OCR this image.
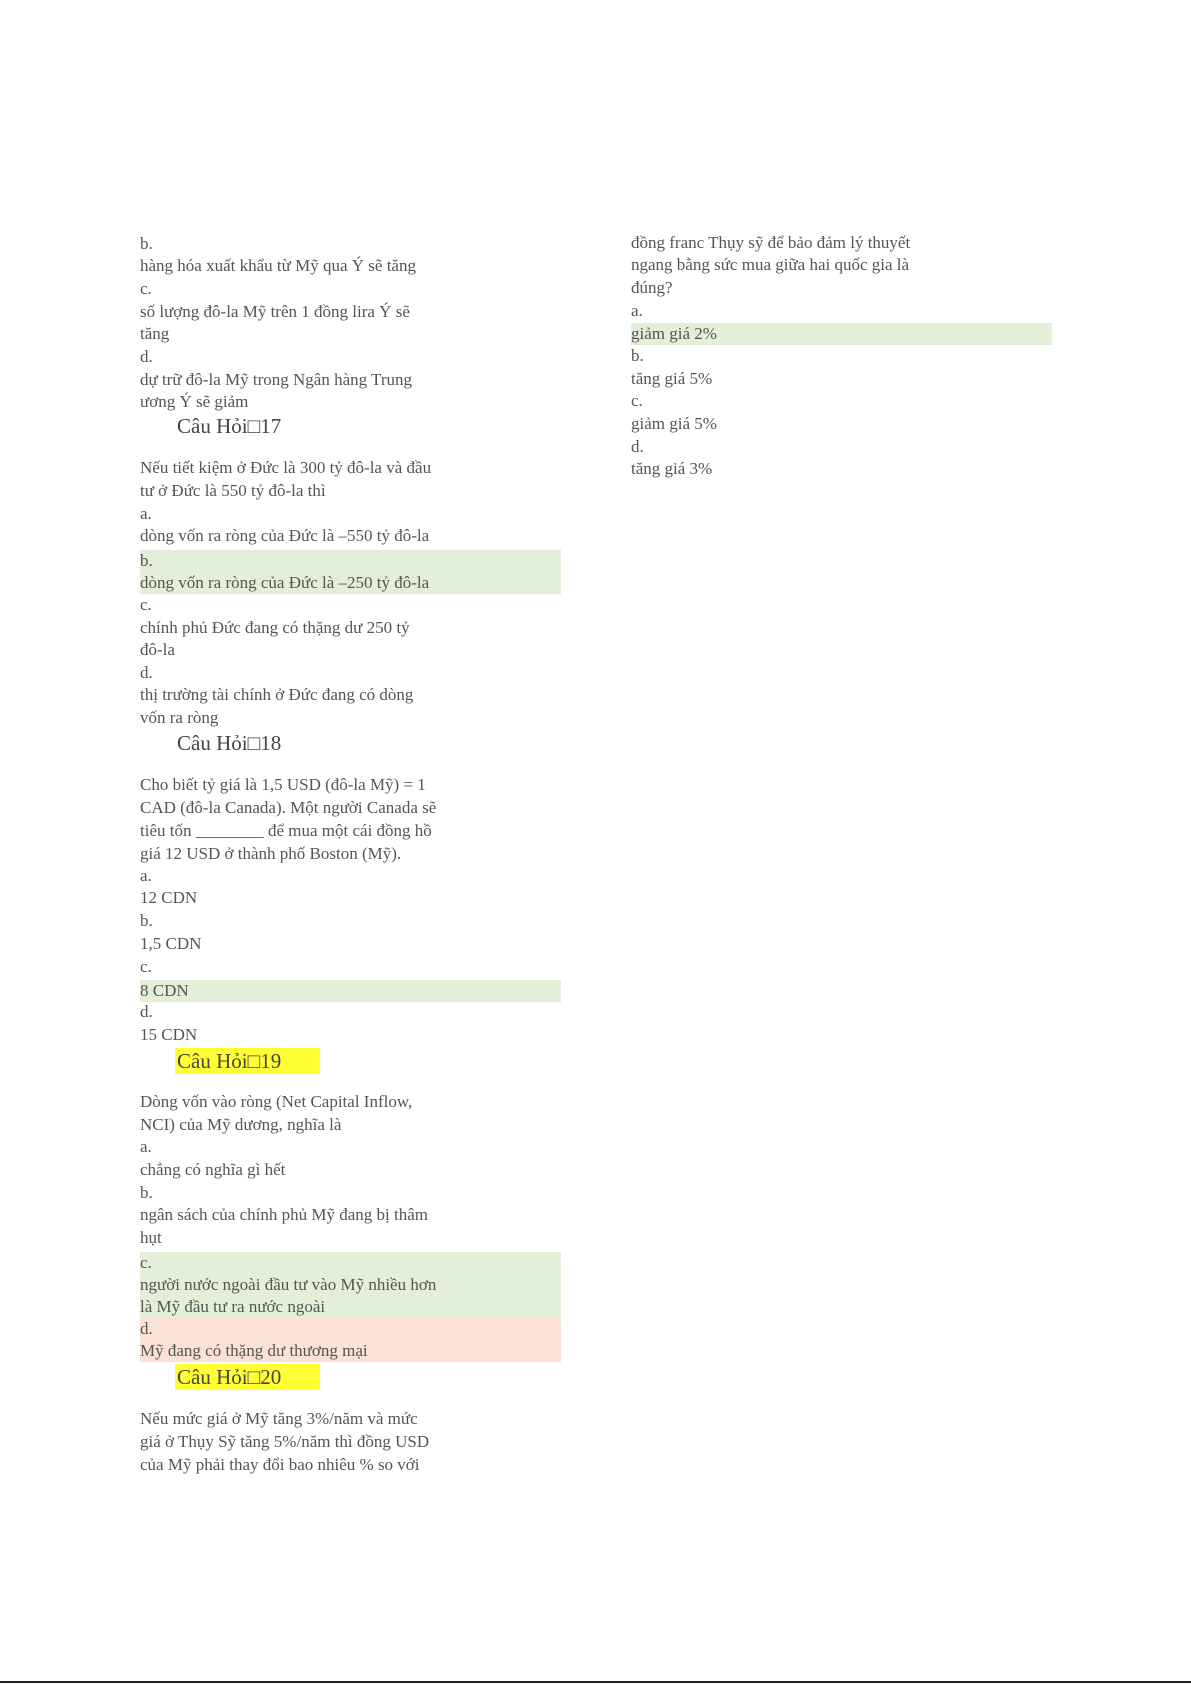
b.
hàng hóa xuất khẩu từ Mỹ qua Ý sẽ tăng
c.
số lượng đô-la Mỹ trên 1 đồng lira Ý sẽ
tăng
d.
dự trữ đô-la Mỹ trong Ngân hàng Trung
ương Ý sẽ giảm
Câu Hỏi□17
Nếu tiết kiệm ở Đức là 300 tỷ đô-la và đầu
tư ở Đức là 550 tỷ đô-la thì
a.
dòng vốn ra ròng của Đức là –550 tỷ đô-la
b.
dòng vốn ra ròng của Đức là –250 tỷ đô-la
c.
chính phủ Đức đang có thặng dư 250 tỷ
đô-la
d.
thị trường tài chính ở Đức đang có dòng
vốn ra ròng
Câu Hỏi□18
Cho biết tỷ giá là 1,5 USD (đô-la Mỹ) = 1
CAD (đô-la Canada). Một người Canada sẽ
tiêu tốn ________ để mua một cái đồng hồ
giá 12 USD ở thành phố Boston (Mỹ).
a.
12 CDN
b.
1,5 CDN
c.
8 CDN
d.
15 CDN
Câu Hỏi□19
Dòng vốn vào ròng (Net Capital Inflow,
NCI) của Mỹ dương, nghĩa là
a.
chẳng có nghĩa gì hết
b.
ngân sách của chính phủ Mỹ đang bị thâm
hụt
c.
người nước ngoài đầu tư vào Mỹ nhiều hơn
là Mỹ đầu tư ra nước ngoài
d.
Mỹ đang có thặng dư thương mại
Câu Hỏi□20
Nếu mức giá ở Mỹ tăng 3%/năm và mức
giá ở Thụy Sỹ tăng 5%/năm thì đồng USD
của Mỹ phải thay đổi bao nhiêu % so với
đồng franc Thụy sỹ để bảo đảm lý thuyết
ngang bằng sức mua giữa hai quốc gia là
đúng?
a.
giảm giá 2%
b.
tăng giá 5%
c.
giảm giá 5%
d.
tăng giá 3%
